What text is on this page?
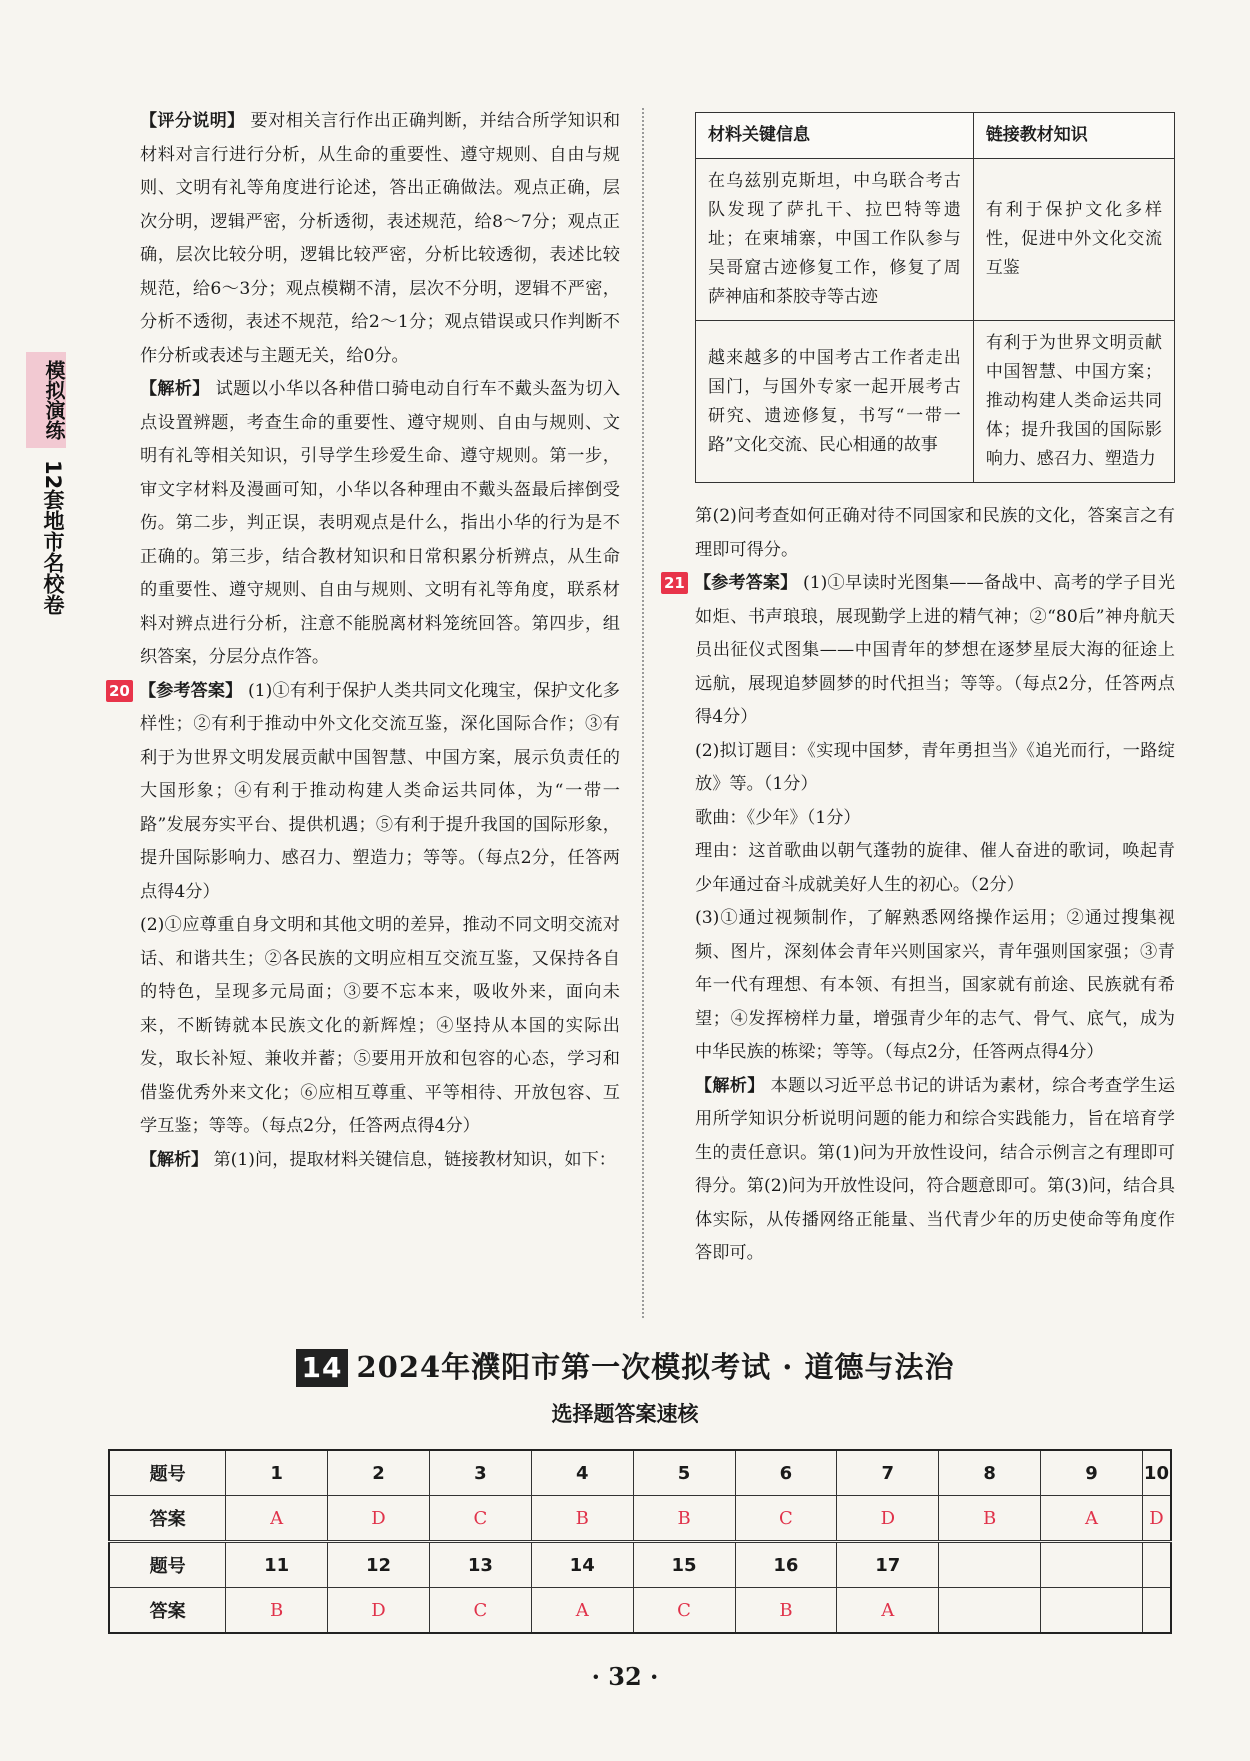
模拟演练
12套地市名校卷

【评分说明】 要对相关言行作出正确判断，并结合所学知识和材料对言行进行分析，从生命的重要性、遵守规则、自由与规则、文明有礼等角度进行论述，答出正确做法。观点正确，层次分明，逻辑严密，分析透彻，表述规范，给8～7分；观点正确，层次比较分明，逻辑比较严密，分析比较透彻，表述比较规范，给6～3分；观点模糊不清，层次不分明，逻辑不严密，分析不透彻，表述不规范，给2～1分；观点错误或只作判断不作分析或表述与主题无关，给0分。

【解析】 试题以小华以各种借口骑电动自行车不戴头盔为切入点设置辨题，考查生命的重要性、遵守规则、自由与规则、文明有礼等相关知识，引导学生珍爱生命、遵守规则。第一步，审文字材料及漫画可知，小华以各种理由不戴头盔最后摔倒受伤。第二步，判正误，表明观点是什么，指出小华的行为是不正确的。第三步，结合教材知识和日常积累分析辨点，从生命的重要性、遵守规则、自由与规则、文明有礼等角度，联系材料对辨点进行分析，注意不能脱离材料笼统回答。第四步，组织答案，分层分点作答。

20 【参考答案】 (1)①有利于保护人类共同文化瑰宝，保护文化多样性；②有利于推动中外文化交流互鉴，深化国际合作；③有利于为世界文明发展贡献中国智慧、中国方案，展示负责任的大国形象；④有利于推动构建人类命运共同体，为“一带一路”发展夯实平台、提供机遇；⑤有利于提升我国的国际形象，提升国际影响力、感召力、塑造力；等等。（每点2分，任答两点得4分）

(2)①应尊重自身文明和其他文明的差异，推动不同文明交流对话、和谐共生；②各民族的文明应相互交流互鉴，又保持各自的特色，呈现多元局面；③要不忘本来，吸收外来，面向未来，不断铸就本民族文化的新辉煌；④坚持从本国的实际出发，取长补短、兼收并蓄；⑤要用开放和包容的心态，学习和借鉴优秀外来文化；⑥应相互尊重、平等相待、开放包容、互学互鉴；等等。（每点2分，任答两点得4分）

【解析】 第(1)问，提取材料关键信息，链接教材知识，如下：

材料关键信息	链接教材知识
在乌兹别克斯坦，中乌联合考古队发现了萨扎干、拉巴特等遗址；在柬埔寨，中国工作队参与吴哥窟古迹修复工作，修复了周萨神庙和茶胶寺等古迹	有利于保护文化多样性，促进中外文化交流互鉴
越来越多的中国考古工作者走出国门，与国外专家一起开展考古研究、遗迹修复，书写“一带一路”文化交流、民心相通的故事	有利于为世界文明贡献中国智慧、中国方案；推动构建人类命运共同体；提升我国的国际影响力、感召力、塑造力

第(2)问考查如何正确对待不同国家和民族的文化，答案言之有理即可得分。

21 【参考答案】 (1)①早读时光图集——备战中、高考的学子目光如炬、书声琅琅，展现勤学上进的精气神；②“80后”神舟航天员出征仪式图集——中国青年的梦想在逐梦星辰大海的征途上远航，展现追梦圆梦的时代担当；等等。（每点2分，任答两点得4分）

(2)拟订题目：《实现中国梦，青年勇担当》《追光而行，一路绽放》等。（1分）

歌曲：《少年》（1分）

理由：这首歌曲以朝气蓬勃的旋律、催人奋进的歌词，唤起青少年通过奋斗成就美好人生的初心。（2分）

(3)①通过视频制作，了解熟悉网络操作运用；②通过搜集视频、图片，深刻体会青年兴则国家兴，青年强则国家强；③青年一代有理想、有本领、有担当，国家就有前途、民族就有希望；④发挥榜样力量，增强青少年的志气、骨气、底气，成为中华民族的栋梁；等等。（每点2分，任答两点得4分）

【解析】 本题以习近平总书记的讲话为素材，综合考查学生运用所学知识分析说明问题的能力和综合实践能力，旨在培育学生的责任意识。第(1)问为开放性设问，结合示例言之有理即可得分。第(2)问为开放性设问，符合题意即可。第(3)问，结合具体实际，从传播网络正能量、当代青少年的历史使命等角度作答即可。

14 2024年濮阳市第一次模拟考试 · 道德与法治
选择题答案速核
题号	1	2	3	4	5	6	7	8	9	10
答案	A	D	C	B	B	C	D	B	A	D
题号	11	12	13	14	15	16	17			
答案	B	D	C	A	C	B	A			
· 32 ·
